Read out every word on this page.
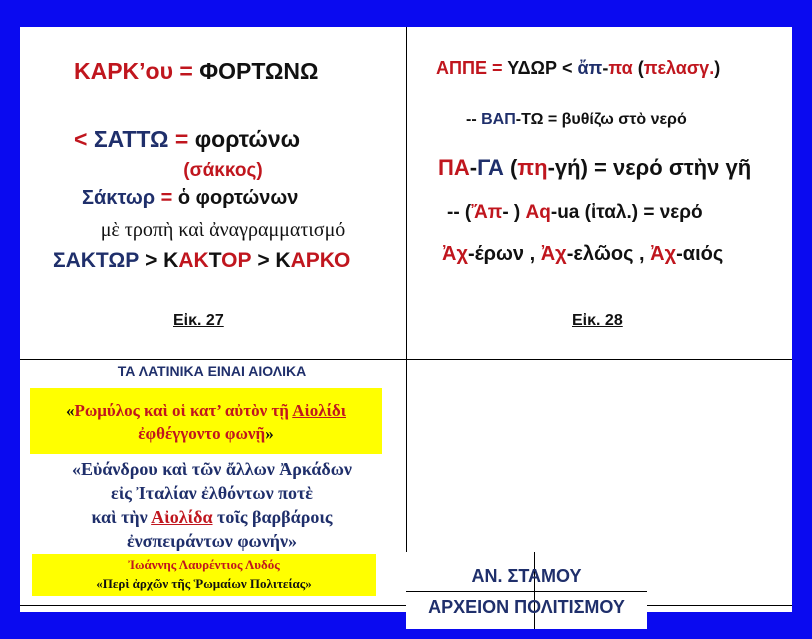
ΚΑΡΚ’ου = ΦΟΡΤΩΝΩ
< ΣΑΤΤΩ = φορτώνω
(σάκκος)
Σάκτωρ = ὁ φορτώνων
μὲ τροπὴ καὶ ἀναγραμματισμό
ΣΑΚΤΩΡ > ΚΑΚΤΟΡ > ΚΑΡΚΟ
Εἰκ. 27
ΑΠΠΕ = ΥΔΩΡ < ἄπ-πα (πελασγ.)
-- ΒΑΠ-ΤΩ = βυθίζω στὸ νερό
ΠΑ-ΓΑ (πη-γή) = νερό στὴν γῆ
-- (Ἄπ- ) Aq-ua (ἰταλ.) = νερό
Ἀχ-έρων , Ἀχ-ελῶος , Ἀχ-αιός
Εἰκ. 28
ΤΑ ΛΑΤΙΝΙΚΑ ΕΙΝΑΙ ΑΙΟΛΙΚΑ
«Ρωμύλος καὶ οἱ κατ’ αὐτὸν τῇ Αἰολίδι
ἐφθέγγοντο φωνῇ»
«Εὐάνδρου καὶ τῶν ἄλλων Ἀρκάδων
εἰς Ἰταλίαν ἐλθόντων ποτὲ
καὶ τὴν Αἰολίδα τοῖς βαρβάροις
ἐνσπειράντων φωνήν»
Ἰωάννης Λαυρέντιος Λυδός
«Περὶ ἀρχῶν τῆς Ῥωμαίων Πολιτείας»	ΑΝ. ΣΤΑΜΟΥ
ΑΡΧΕΙΟΝ ΠΟΛΙΤΙΣΜΟΥ
